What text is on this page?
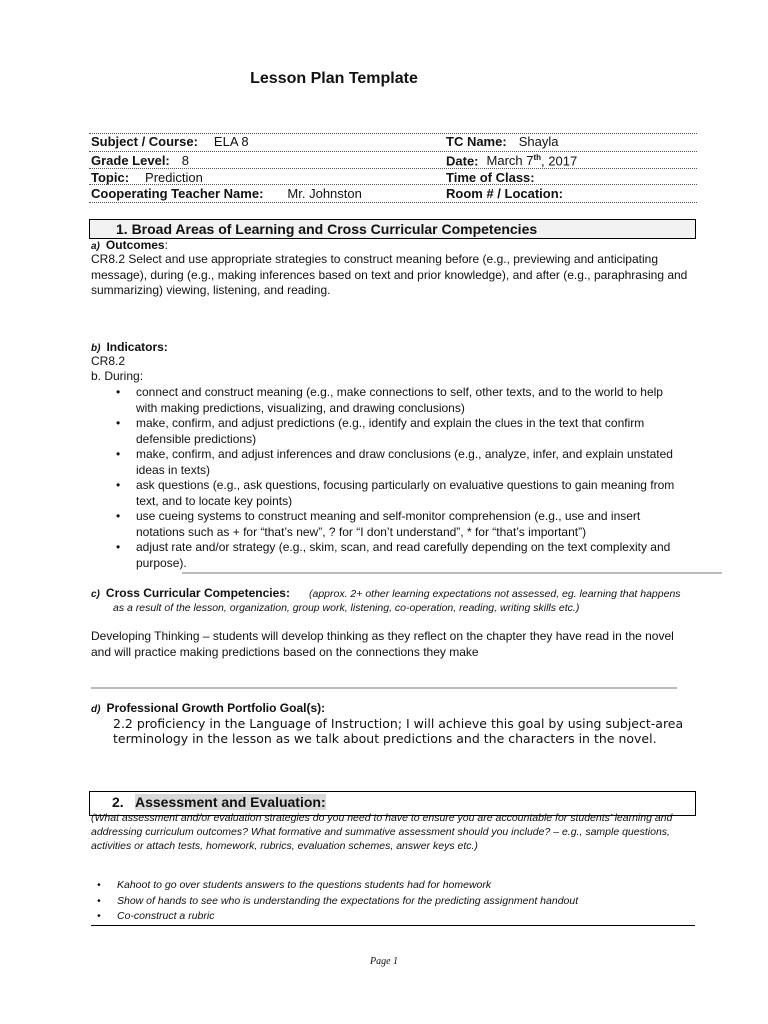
Lesson Plan Template
Subject / Course: ELA 8	TC Name: Shayla
Grade Level: 8	Date: March 7th, 2017
Topic: Prediction	Time of Class:
Cooperating Teacher Name: Mr. Johnston	Room # / Location:
1. Broad Areas of Learning and Cross Curricular Competencies
a) Outcomes:
CR8.2 Select and use appropriate strategies to construct meaning before (e.g., previewing and anticipating message), during (e.g., making inferences based on text and prior knowledge), and after (e.g., paraphrasing and summarizing) viewing, listening, and reading.
b) Indicators:
CR8.2
b. During:
• connect and construct meaning (e.g., make connections to self, other texts, and to the world to help with making predictions, visualizing, and drawing conclusions)
• make, confirm, and adjust predictions (e.g., identify and explain the clues in the text that confirm defensible predictions)
• make, confirm, and adjust inferences and draw conclusions (e.g., analyze, infer, and explain unstated ideas in texts)
• ask questions (e.g., ask questions, focusing particularly on evaluative questions to gain meaning from text, and to locate key points)
• use cueing systems to construct meaning and self-monitor comprehension (e.g., use and insert notations such as + for “that’s new”, ? for “I don’t understand”, * for “that’s important”)
• adjust rate and/or strategy (e.g., skim, scan, and read carefully depending on the text complexity and purpose).
c) Cross Curricular Competencies:	(approx. 2+ other learning expectations not assessed, eg. learning that happens as a result of the lesson, organization, group work, listening, co-operation, reading, writing skills etc.)
Developing Thinking – students will develop thinking as they reflect on the chapter they have read in the novel and will practice making predictions based on the connections they make
d) Professional Growth Portfolio Goal(s):
2.2 proficiency in the Language of Instruction; I will achieve this goal by using subject-area terminology in the lesson as we talk about predictions and the characters in the novel.
2. Assessment and Evaluation:
(What assessment and/or evaluation strategies do you need to have to ensure you are accountable for students’ learning and addressing curriculum outcomes? What formative and summative assessment should you include? – e.g., sample questions, activities or attach tests, homework, rubrics, evaluation schemes, answer keys etc.)
• Kahoot to go over students answers to the questions students had for homework
• Show of hands to see who is understanding the expectations for the predicting assignment handout
• Co-construct a rubric
Page 1
